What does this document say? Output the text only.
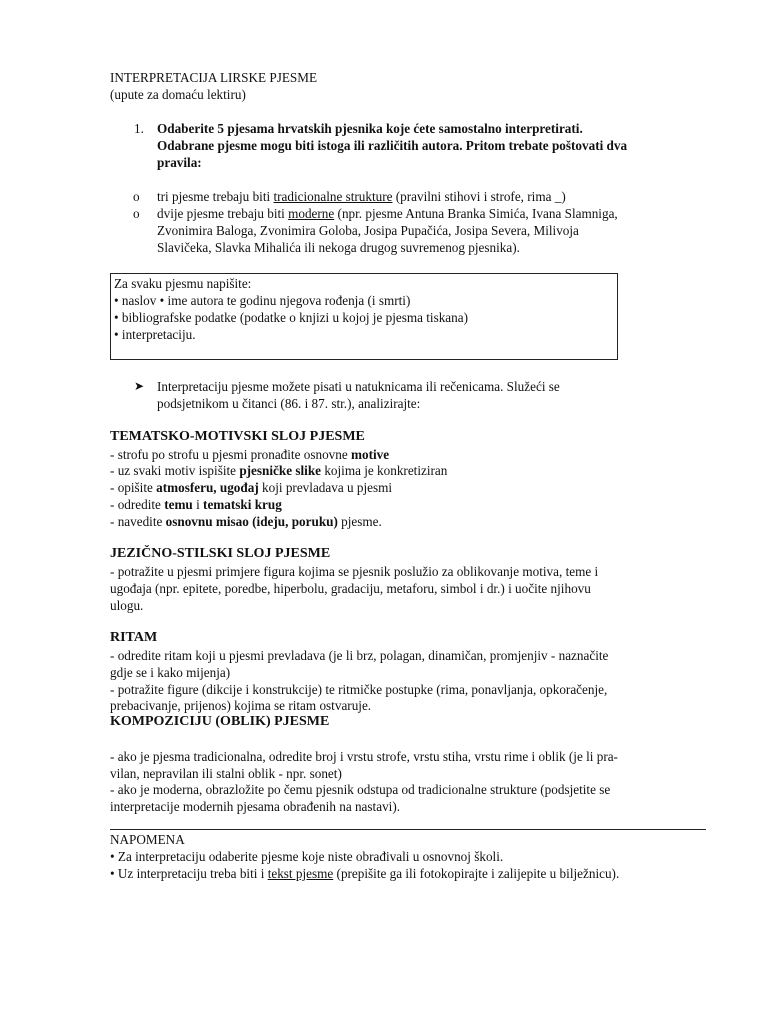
INTERPRETACIJA LIRSKE PJESME
(upute za domaću lektiru)
1. Odaberite 5 pjesama hrvatskih pjesnika koje ćete samostalno interpretirati.
Odabrane pjesme mogu biti istoga ili različitih autora. Pritom trebate poštovati dva
pravila:
o tri pjesme trebaju biti tradicionalne strukture (pravilni stihovi i strofe, rima _)
o dvije pjesme trebaju biti moderne (npr. pjesme Antuna Branka Simića, Ivana Slamniga,
Zvonimira Baloga, Zvonimira Goloba, Josipa Pupačića, Josipa Severa, Milivoja
Slavičeka, Slavka Mihalića ili nekoga drugog suvremenog pjesnika).
Za svaku pjesmu napišite:
• naslov • ime autora te godinu njegova rođenja (i smrti)
• bibliografske podatke (podatke o knjizi u kojoj je pjesma tiskana)
• interpretaciju.
➤ Interpretaciju pjesme možete pisati u natuknicama ili rečenicama. Služeći se
podsjetnikom u čitanci (86. i 87. str.), analizirajte:
TEMATSKO-MOTIVSKI SLOJ PJESME
- strofu po strofu u pjesmi pronađite osnovne motive
- uz svaki motiv ispišite pjesničke slike kojima je konkretiziran
- opišite atmosferu, ugođaj koji prevladava u pjesmi
- odredite temu i tematski krug
- navedite osnovnu misao (ideju, poruku) pjesme.
JEZIČNO-STILSKI SLOJ PJESME
- potražite u pjesmi primjere figura kojima se pjesnik poslužio za oblikovanje motiva, teme i
ugođaja (npr. epitete, poredbe, hiperbolu, gradaciju, metaforu, simbol i dr.) i uočite njihovu
ulogu.
RITAM
- odredite ritam koji u pjesmi prevladava (je li brz, polagan, dinamičan, promjenjiv - naznačite
gdje se i kako mijenja)
- potražite figure (dikcije i konstrukcije) te ritmičke postupke (rima, ponavljanja, opkoračenje,
prebacivanje, prijenos) kojima se ritam ostvaruje.
KOMPOZICIJU (OBLIK) PJESME
- ako je pjesma tradicionalna, odredite broj i vrstu strofe, vrstu stiha, vrstu rime i oblik (je li pra-
vilan, nepravilan ili stalni oblik - npr. sonet)
- ako je moderna, obrazložite po čemu pjesnik odstupa od tradicionalne strukture (podsjetite se
interpretacije modernih pjesama obrađenih na nastavi).
NAPOMENA
• Za interpretaciju odaberite pjesme koje niste obrađivali u osnovnoj školi.
• Uz interpretaciju treba biti i tekst pjesme (prepišite ga ili fotokopirajte i zalijepite u bilježnicu).
